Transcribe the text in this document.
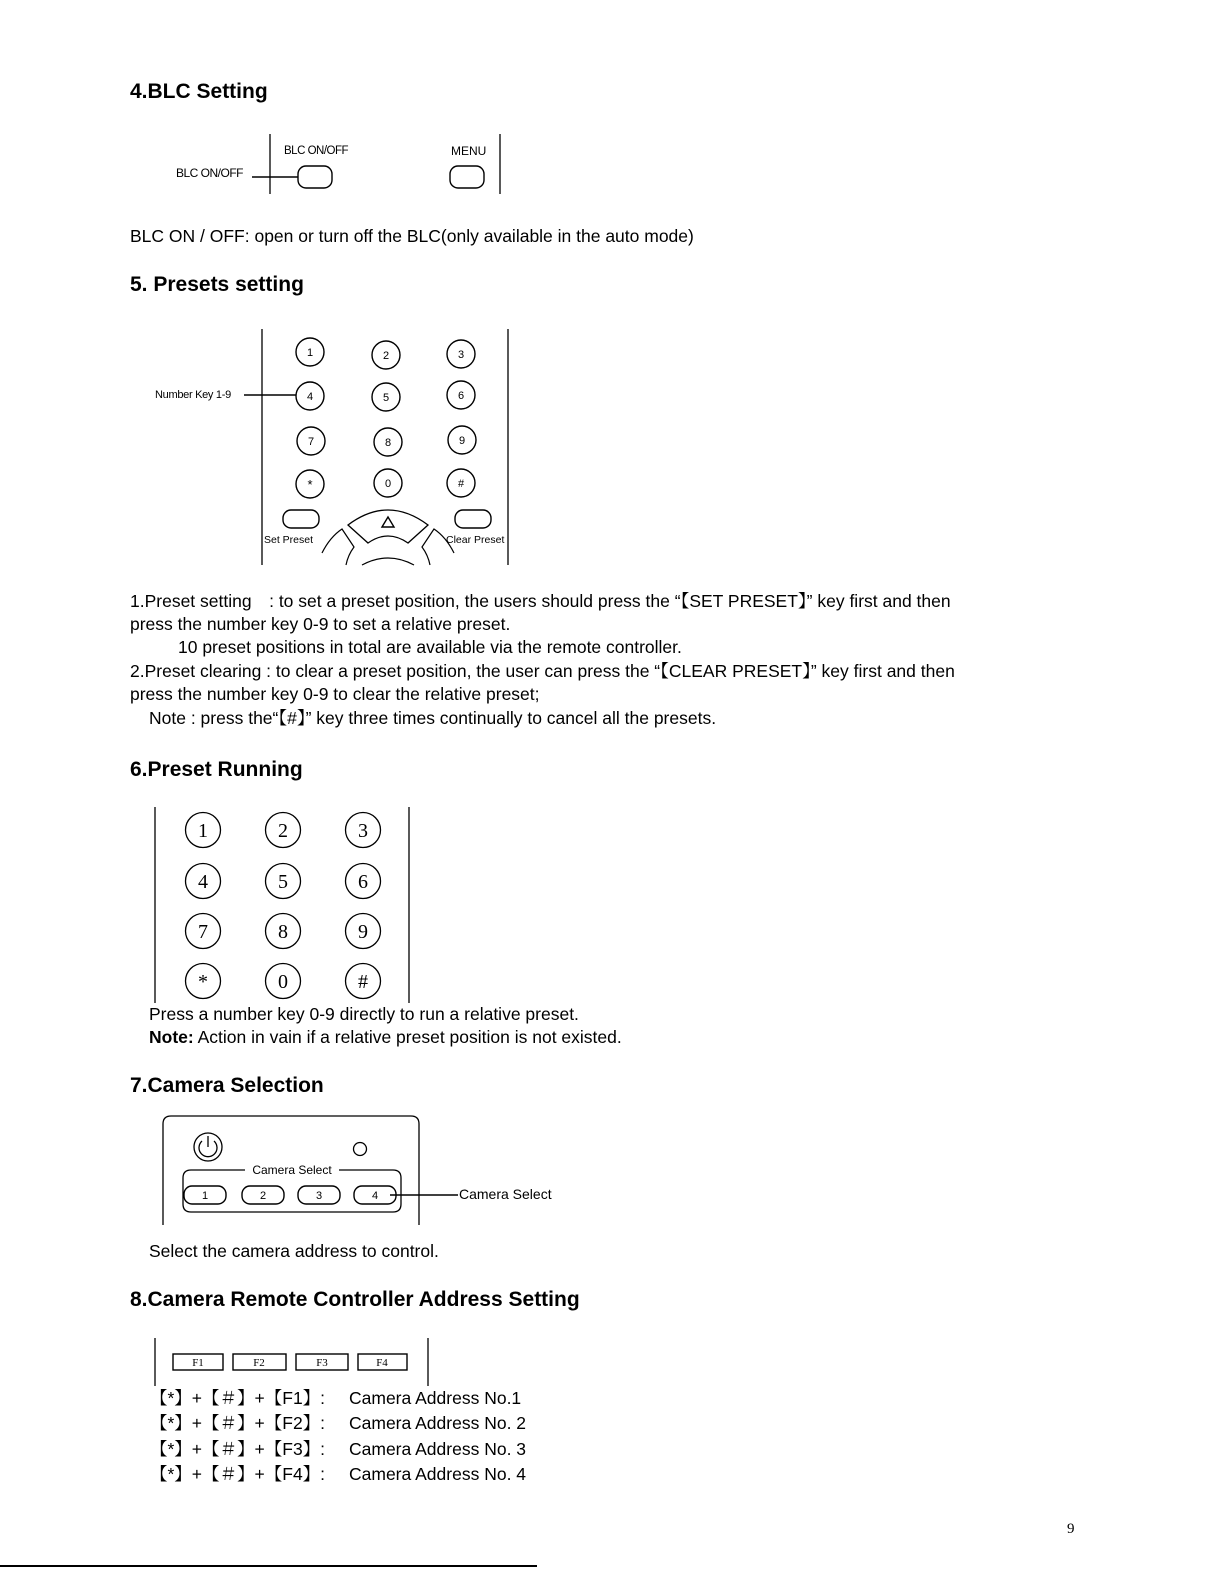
4.BLC Setting
BLC ON/OFF
BLC ON/OFF	MENU

BLC ON / OFF: open or turn off the BLC(only available in the auto mode)

5. Presets setting
Number Key 1-9
1	2	3
4	5	6
7	8	9
*	0	#
Set Preset	Clear Preset

1.Preset setting　: to set a preset position, the users should press the “【SET PRESET】” key first and then

press the number key 0-9 to set a relative preset.

10 preset positions in total are available via the remote controller.

2.Preset clearing : to clear a preset position, the user can press the “【CLEAR PRESET】” key first and then

press the number key 0-9 to clear the relative preset;

Note : press the“【#】” key three times continually to cancel all the presets.

6.Preset Running
1	2	3
4	5	6
7	8	9
*	0	#

Press a number key 0-9 directly to run a relative preset.

Note: Action in vain if a relative preset position is not existed.

7.Camera Selection
Camera Select
1	2	3	4	Camera Select

Select the camera address to control.

8.Camera Remote Controller Address Setting
F1	F2	F3	F4

【*】+【＃】+【F1】: Camera Address No.1

【*】+【＃】+【F2】: Camera Address No. 2

【*】+【＃】+【F3】: Camera Address No. 3

【*】+【＃】+【F4】: Camera Address No. 4

9
